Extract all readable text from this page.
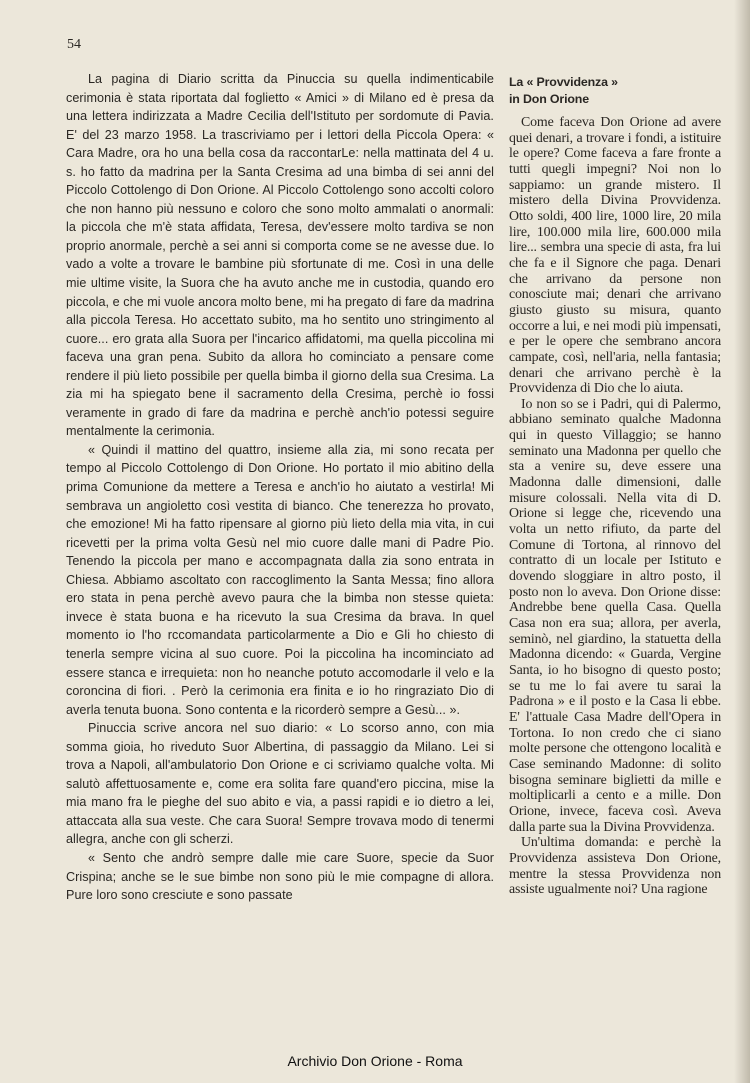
54

La pagina di Diario scritta da Pinuccia su quella indimenticabile cerimonia è stata riportata dal foglietto « Amici » di Milano ed è presa da una lettera indirizzata a Madre Cecilia dell'Istituto per sordomute di Pavia. E' del 23 marzo 1958. La trascriviamo per i lettori della Piccola Opera: « Cara Madre, ora ho una bella cosa da raccontarLe: nella mattinata del 4 u. s. ho fatto da madrina per la Santa Cresima ad una bimba di sei anni del Piccolo Cottolengo di Don Orione. Al Piccolo Cottolengo sono accolti coloro che non hanno più nessuno e coloro che sono molto ammalati o anormali: la piccola che m'è stata affidata, Teresa, dev'essere molto tardiva se non proprio anormale, perchè a sei anni si comporta come se ne avesse due. Io vado a volte a trovare le bambine più sfortunate di me. Così in una delle mie ultime visite, la Suora che ha avuto anche me in custodia, quando ero piccola, e che mi vuole ancora molto bene, mi ha pregato di fare da madrina alla piccola Teresa. Ho accettato subito, ma ho sentito uno stringimento al cuore... ero grata alla Suora per l'incarico affidatomi, ma quella piccolina mi faceva una gran pena. Subito da allora ho cominciato a pensare come rendere il più lieto possibile per quella bimba il giorno della sua Cresima. La zia mi ha spiegato bene il sacramento della Cresima, perchè io fossi veramente in grado di fare da madrina e perchè anch'io potessi seguire mentalmente la cerimonia.

« Quindi il mattino del quattro, insieme alla zia, mi sono recata per tempo al Piccolo Cottolengo di Don Orione. Ho portato il mio abitino della prima Comunione da mettere a Teresa e anch'io ho aiutato a vestirla! Mi sembrava un angioletto così vestita di bianco. Che tenerezza ho provato, che emozione! Mi ha fatto ripensare al giorno più lieto della mia vita, in cui ricevetti per la prima volta Gesù nel mio cuore dalle mani di Padre Pio. Tenendo la piccola per mano e accompagnata dalla zia sono entrata in Chiesa. Abbiamo ascoltato con raccoglimento la Santa Messa; fino allora ero stata in pena perchè avevo paura che la bimba non stesse quieta: invece è stata buona e ha ricevuto la sua Cresima da brava. In quel momento io l'ho rccomandata particolarmente a Dio e Gli ho chiesto di tenerla sempre vicina al suo cuore. Poi la piccolina ha incominciato ad essere stanca e irrequieta: non ho neanche potuto accomodarle il velo e la coroncina di fiori. . Però la cerimonia era finita e io ho ringraziato Dio di averla tenuta buona. Sono contenta e la ricorderò sempre a Gesù... ».

Pinuccia scrive ancora nel suo diario: « Lo scorso anno, con mia somma gioia, ho riveduto Suor Albertina, di passaggio da Milano. Lei si trova a Napoli, all'ambulatorio Don Orione e ci scriviamo qualche volta. Mi salutò affettuosamente e, come era solita fare quand'ero piccina, mise la mia mano fra le pieghe del suo abito e via, a passi rapidi e io dietro a lei, attaccata alla sua veste. Che cara Suora! Sempre trovava modo di tenermi allegra, anche con gli scherzi.

« Sento che andrò sempre dalle mie care Suore, specie da Suor Crispina; anche se le sue bimbe non sono più le mie compagne di allora. Pure loro sono cresciute e sono passate

La « Provvidenza »
in Don Orione

Come faceva Don Orione ad avere quei denari, a trovare i fondi, a istituire le opere? Come faceva a fare fronte a tutti quegli impegni? Noi non lo sappiamo: un grande mistero. Il mistero della Divina Provvidenza. Otto soldi, 400 lire, 1000 lire, 20 mila lire, 100.000 mila lire, 600.000 mila lire... sembra una specie di asta, fra lui che fa e il Signore che paga. Denari che arrivano da persone non conosciute mai; denari che arrivano giusto giusto su misura, quanto occorre a lui, e nei modi più impensati, e per le opere che sembrano ancora campate, così, nell'aria, nella fantasia; denari che arrivano perchè è la Provvidenza di Dio che lo aiuta.

Io non so se i Padri, qui di Palermo, abbiano seminato qualche Madonna qui in questo Villaggio; se hanno seminato una Madonna per quello che sta a venire su, deve essere una Madonna dalle dimensioni, dalle misure colossali. Nella vita di D. Orione si legge che, ricevendo una volta un netto rifiuto, da parte del Comune di Tortona, al rinnovo del contratto di un locale per Istituto e dovendo sloggiare in altro posto, il posto non lo aveva. Don Orione disse: Andrebbe bene quella Casa. Quella Casa non era sua; allora, per averla, seminò, nel giardino, la statuetta della Madonna dicendo: « Guarda, Vergine Santa, io ho bisogno di questo posto; se tu me lo fai avere tu sarai la Padrona » e il posto e la Casa li ebbe. E' l'attuale Casa Madre dell'Opera in Tortona. Io non credo che ci siano molte persone che ottengono località e Case seminando Madonne: di solito bisogna seminare biglietti da mille e moltiplicarli a cento e a mille. Don Orione, invece, faceva così. Aveva dalla parte sua la Divina Provvidenza.

Un'ultima domanda: e perchè la Provvidenza assisteva Don Orione, mentre la stessa Provvidenza non assiste ugualmente noi? Una ragione

Archivio Don Orione - Roma
